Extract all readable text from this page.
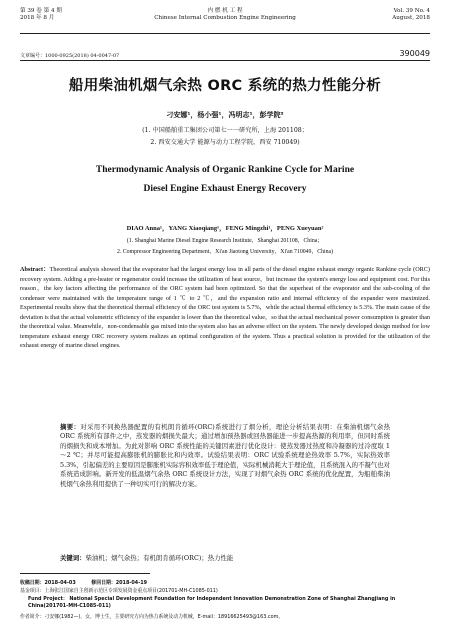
第 39 卷 第 4 期
2018 年 8 月
内 燃 机 工 程
Chinese Internal Combustion Engine Engineering
Vol. 39 No. 4
August, 2018
文章编号：1000-0925(2018) 04-0047-07	390049
船用柴油机烟气余热 ORC 系统的热力性能分析
刁安娜¹，杨小强¹，冯明志¹，彭学院²
(1. 中国船舶重工集团公司第七一一研究所，上海 201108；
2. 西安交通大学 能源与动力工程学院，西安 710049)
Thermodynamic Analysis of Organic Rankine Cycle for Marine
Diesel Engine Exhaust Energy Recovery
DIAO Anna¹，YANG Xiaoqiang¹，FENG Mingzhi¹，PENG Xueyuan²
(1. Shanghai Marine Diesel Engine Research Institute，Shanghai 201108，China；
2. Compressor Engineering Department，Xi'an Jiaotong University，Xi'an 710049，China)
Abstract：Theoretical analysis showed that the evaporator had the largest energy loss in all parts of the diesel engine exhaust energy organic Rankine cycle (ORC) recovery system. Adding a pre-heater or regenerator could increase the utilization of heat source，but increase the system's energy loss and equipment cost. For this reason，the key factors affecting the performance of the ORC system had been optimized. So that the superheat of the evaporator and the sub-cooling of the condenser were maintained with the temperature range of 1 ℃ to 2 ℃，and the expansion ratio and internal efficiency of the expander were maximized. Experimental results show that the theoretical thermal efficiency of the ORC test system is 5.7%，while the actual thermal efficiency is 5.3%. The main cause of the deviation is that the actual volumetric efficiency of the expander is lower than the theoretical value，so that the actual mechanical power consumption is greater than the theoretical value. Meanwhile，non-condensable gas mixed into the system also has an adverse effect on the system. The newly developed design method for low temperature exhaust energy ORC recovery system realizes an optimal configuration of the system. Thus a practical solution is provided for the utilization of the exhaust energy of marine diesel engines.
摘要：对采用不同换热器配置的有机朗肯循环(ORC)系统进行了烟分析，理论分析结果表明：在柴油机烟气余热 ORC 系统所有部件之中，蒸发器的烟损失最大；通过增加预热器或回热器能进一步提高热源的利用率，但同时系统的烟损失和成本增加。为此对影响 ORC 系统性能的关键因素进行优化设计：使蒸发器过热度和冷凝器的过冷度取 1～2 ℃；并尽可能提高膨胀机的膨胀比和内效率。试验结果表明：ORC 试验系统理论热效率 5.7%，实际热效率 5.3%，引起偏差的主要原因是膨胀机实际容积效率低于理论值，实际机械消耗大于理论值，且系统混入的不凝气也对系统造成影响。新开发的低温烟气余热 ORC 系统设计方法，实现了对烟气余热 ORC 系统的优化配置，为船舶柴油机烟气余热利用提供了一种切实可行的解决方案。
关键词：柴油机；烟气余热；有机朗肯循环(ORC)；热力性能
收稿日期：2018-04-03	修回日期：2018-04-19
基金项目：上海张江国家自主创新示范区专项发展资金重点项目(201701-MH-C1085-011)
Fund Project： National Special Development Foundation for Independent Innovation Demonstration Zone of Shanghai Zhangjiang in China(201701-MH-C1085-011)
作者简介：刁安娜(1982—)，女，博士生，主要研究方向为热力系统及动力机械，E-mail：18916625493@163.com。
